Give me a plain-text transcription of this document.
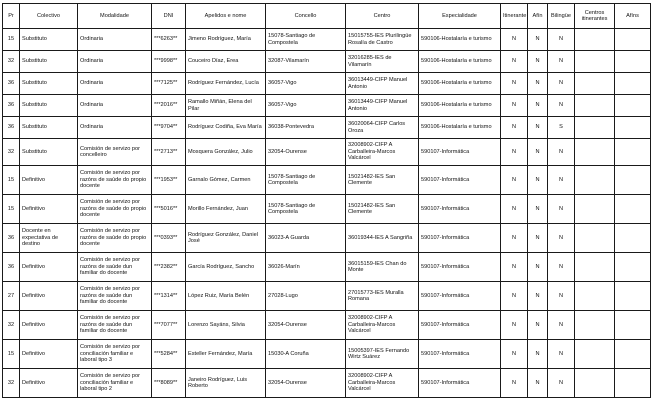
Pr	Colectivo	Modalidade	DNI	Apelidos e nome	Concello	Centro	Especialidade	Itinerante	Afín	Bilingüe	Centros itinerantes	Afíns
15	Substituto	Ordinaria	***6263**	Jimeno Rodríguez, María	15078-Santiago de Compostela	15015755-IES Plurilingüe Rosalía de Castro	590106-Hostalaría e turismo	N	N	N		
32	Substituto	Ordinaria	***9998**	Couceiro Díaz, Erea	32087-Vilamarín	32016285-IES de Vilamarín	590106-Hostalaría e turismo	N	N	N		
36	Substituto	Ordinaria	***7125**	Rodríguez Fernández, Lucía	36057-Vigo	36013449-CIFP Manuel Antonio	590106-Hostalaría e turismo	N	N	N		
36	Substituto	Ordinaria	***2016**	Ramallo Miñán, Elena del Pilar	36057-Vigo	36013449-CIFP Manuel Antonio	590106-Hostalaría e turismo	N	N	N		
36	Substituto	Ordinaria	***9704**	Rodríguez Codiña, Eva María	36038-Pontevedra	36020064-CIFP Carlos Oroza	590106-Hostalaría e turismo	N	N	S		
32	Substituto	Comisión de servizo por concelleiro	***2713**	Mosquera González, Julio	32054-Ourense	32008902-CIFP A Carballeira-Marcos Valcárcel	590107-Informática	N	N	N		
15	Definitivo	Comisión de servizo por razóns de saúde do propio docente	***1953**	Garnalo Gómez, Carmen	15078-Santiago de Compostela	15021482-IES San Clemente	590107-Informática	N	N	N		
15	Definitivo	Comisión de servizo por razóns de saúde do propio docente	***5016**	Morillo Fernández, Juan	15078-Santiago de Compostela	15021482-IES San Clemente	590107-Informática	N	N	N		
36	Docente en expectativa de destino	Comisión de servizo por razóns de saúde do propio docente	***0393**	Rodríguez González, Daniel José	36023-A Guarda	36019344-IES A Sangriña	590107-Informática	N	N	N		
36	Definitivo	Comisión de servizo por razóns de saúde dun familiar do docente	***2382**	García Rodríguez, Sancho	36026-Marín	36015159-IES Chan do Monte	590107-Informática	N	N	N		
27	Definitivo	Comisión de servizo por razóns de saúde dun familiar do docente	***1314**	López Ruiz, María Belén	27028-Lugo	27015773-IES Muralla Romana	590107-Informática	N	N	N		
32	Definitivo	Comisión de servizo por razóns de saúde dun familiar do docente	***7077**	Lorenzo Sayáns, Silvia	32054-Ourense	32008902-CIFP A Carballeira-Marcos Valcárcel	590107-Informática	N	N	N		
15	Definitivo	Comisión de servizo por conciliación familiar e laboral tipo 3	***5284**	Esteller Fernández, María	15030-A Coruña	15005397-IES Fernando Wirtz Suárez	590107-Informática	N	N	N		
32	Definitivo	Comisión de servizo por conciliación familiar e laboral tipo 2	***8089**	Janeiro Rodríguez, Luis Roberto	32054-Ourense	32008902-CIFP A Carballeira-Marcos Valcárcel	590107-Informática	N	N	N		
